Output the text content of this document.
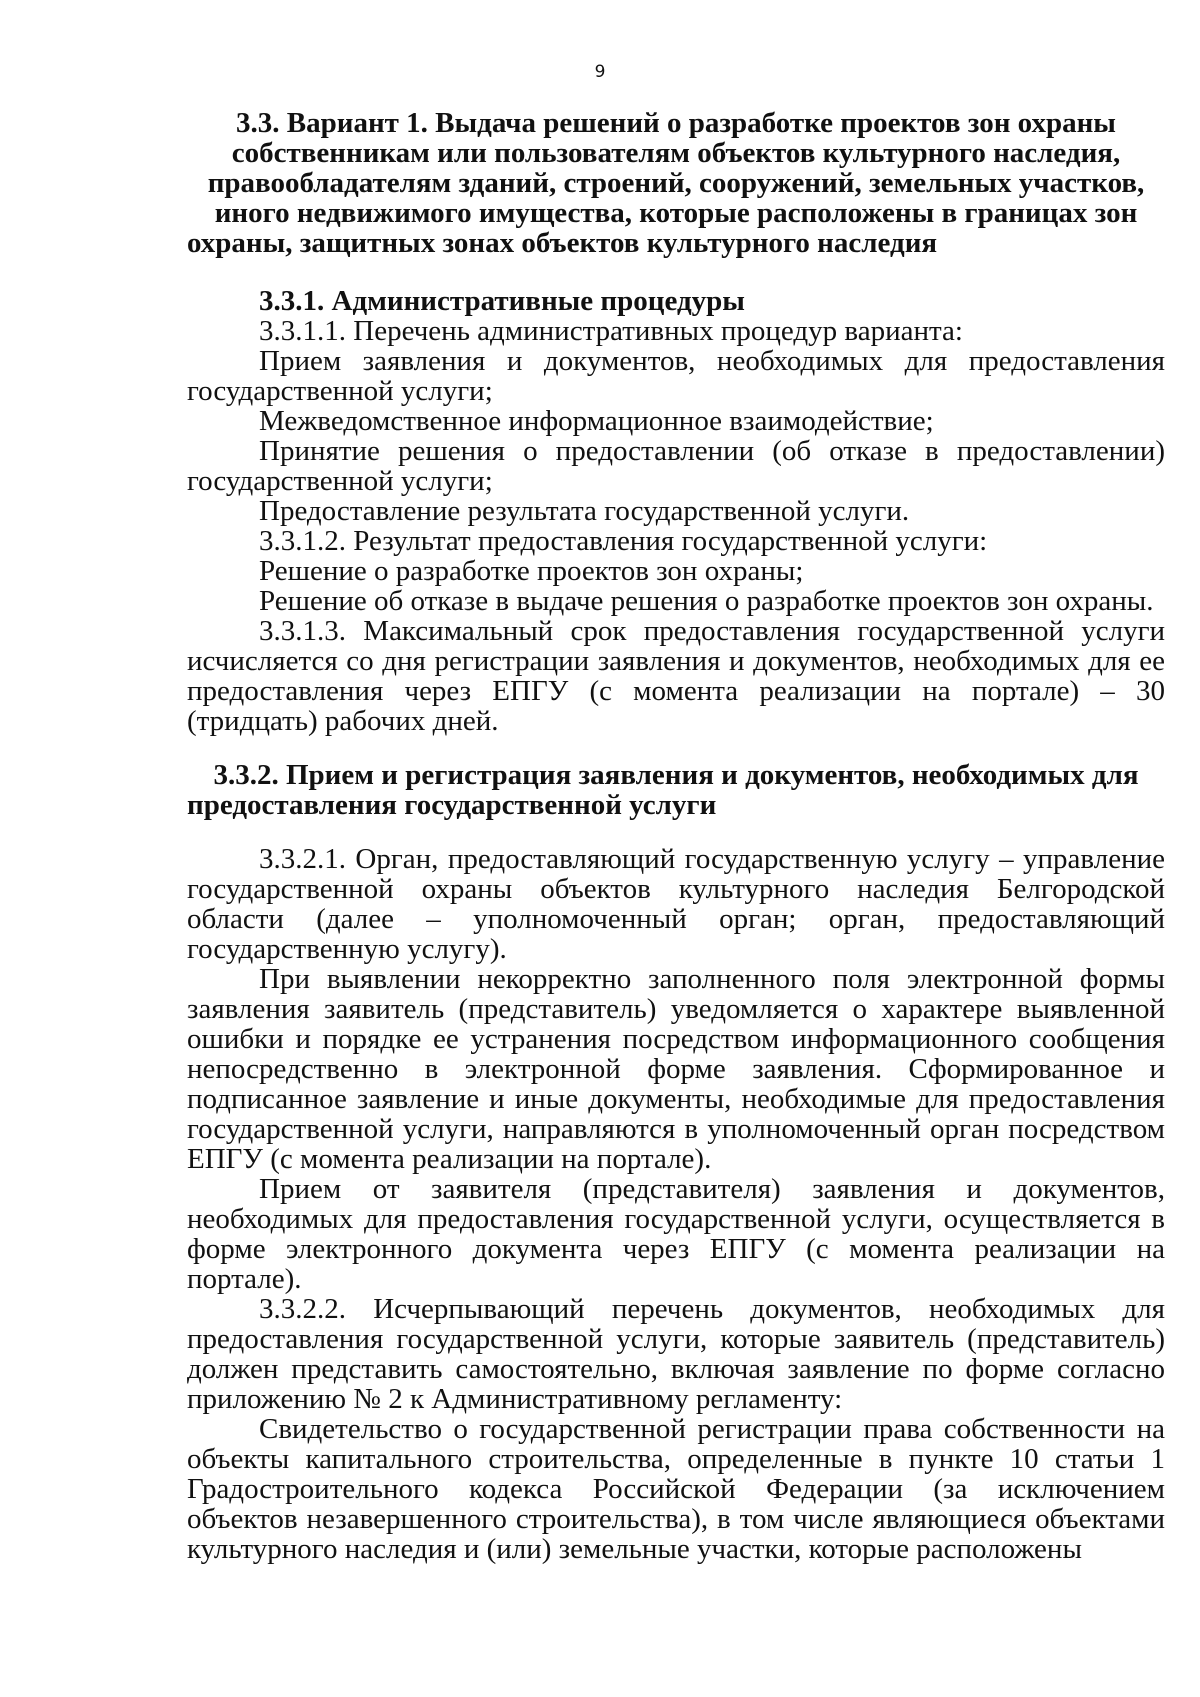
9

3.3. Вариант 1. Выдача решений о разработке проектов зон охраны собственникам или пользователям объектов культурного наследия, правообладателям зданий, строений, сооружений, земельных участков, иного недвижимого имущества, которые расположены в границах зон охраны, защитных зонах объектов культурного наследия

3.3.1. Административные процедуры

3.3.1.1. Перечень административных процедур варианта:

Прием заявления и документов, необходимых для предоставления государственной услуги;

Межведомственное информационное взаимодействие;

Принятие решения о предоставлении (об отказе в предоставлении) государственной услуги;

Предоставление результата государственной услуги.

3.3.1.2. Результат предоставления государственной услуги:

Решение о разработке проектов зон охраны;

Решение об отказе в выдаче решения о разработке проектов зон охраны.

3.3.1.3. Максимальный срок предоставления государственной услуги исчисляется со дня регистрации заявления и документов, необходимых для ее предоставления через ЕПГУ (с момента реализации на портале) – 30 (тридцать) рабочих дней.

3.3.2. Прием и регистрация заявления и документов, необходимых для предоставления государственной услуги

3.3.2.1. Орган, предоставляющий государственную услугу – управление государственной охраны объектов культурного наследия Белгородской области (далее – уполномоченный орган; орган, предоставляющий государственную услугу).

При выявлении некорректно заполненного поля электронной формы заявления заявитель (представитель) уведомляется о характере выявленной ошибки и порядке ее устранения посредством информационного сообщения непосредственно в электронной форме заявления. Сформированное и подписанное заявление и иные документы, необходимые для предоставления государственной услуги, направляются в уполномоченный орган посредством ЕПГУ (с момента реализации на портале).

Прием от заявителя (представителя) заявления и документов, необходимых для предоставления государственной услуги, осуществляется в форме электронного документа через ЕПГУ (с момента реализации на портале).

3.3.2.2. Исчерпывающий перечень документов, необходимых для предоставления государственной услуги, которые заявитель (представитель) должен представить самостоятельно, включая заявление по форме согласно приложению № 2 к Административному регламенту:

Свидетельство о государственной регистрации права собственности на объекты капитального строительства, определенные в пункте 10 статьи 1 Градостроительного кодекса Российской Федерации (за исключением объектов незавершенного строительства), в том числе являющиеся объектами культурного наследия и (или) земельные участки, которые расположены
